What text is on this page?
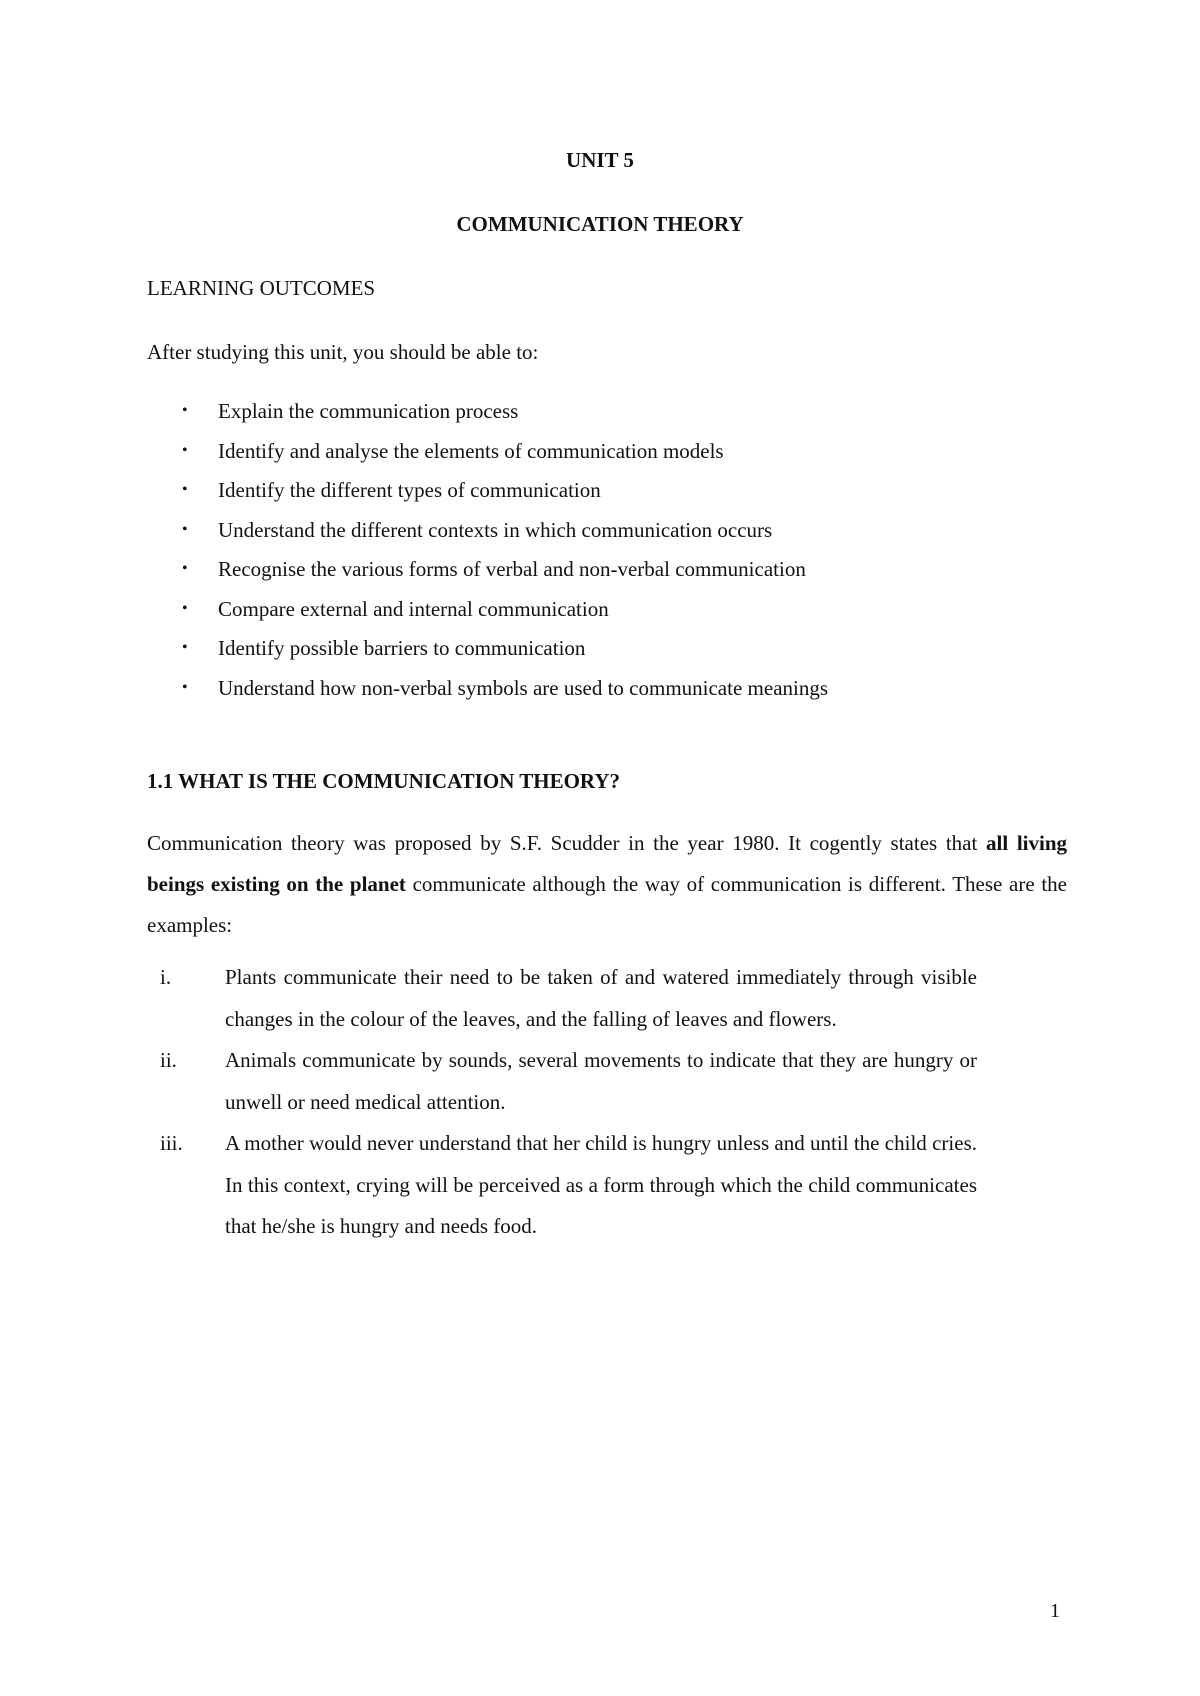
UNIT 5
COMMUNICATION THEORY
LEARNING OUTCOMES
After studying this unit, you should be able to:
• Explain the communication process
• Identify and analyse the elements of communication models
• Identify the different types of communication
• Understand the different contexts in which communication occurs
• Recognise the various forms of verbal and non-verbal communication
• Compare external and internal communication
• Identify possible barriers to communication
• Understand how non-verbal symbols are used to communicate meanings
1.1 WHAT IS THE COMMUNICATION THEORY?

Communication theory was proposed by S.F. Scudder in the year 1980. It cogently states that all living beings existing on the planet communicate although the way of communication is different. These are the examples:

i.	Plants communicate their need to be taken of and watered immediately through visible changes in the colour of the leaves, and the falling of leaves and flowers.
ii. Animals communicate by sounds, several movements to indicate that they are hungry or unwell or need medical attention.
iii. A mother would never understand that her child is hungry unless and until the child cries. In this context, crying will be perceived as a form through which the child communicates that he/she is hungry and needs food.
1
